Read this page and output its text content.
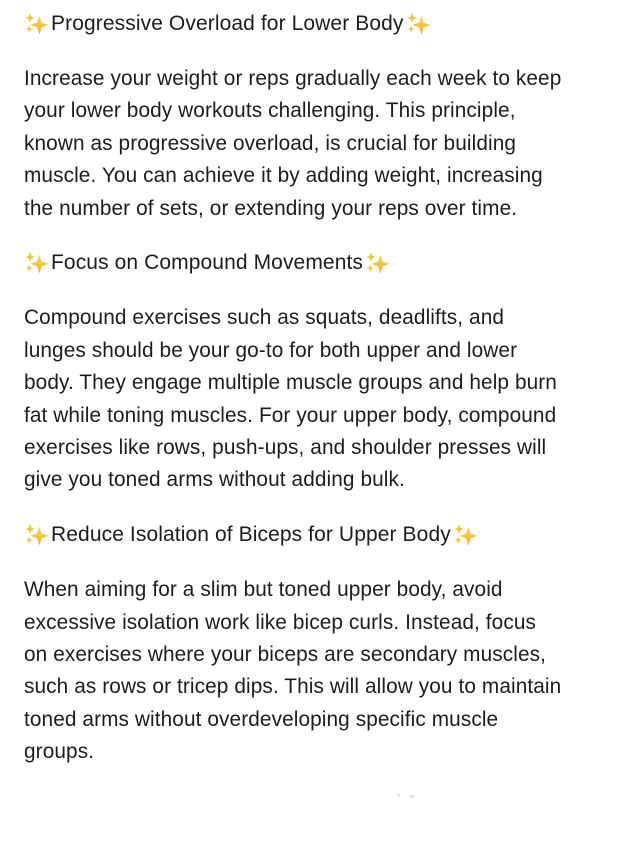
Progressive Overload for Lower Body
Increase your weight or reps gradually each week to keep
your lower body workouts challenging. This principle,
known as progressive overload, is crucial for building
muscle. You can achieve it by adding weight, increasing
the number of sets, or extending your reps over time.
Focus on Compound Movements
Compound exercises such as squats, deadlifts, and
lunges should be your go-to for both upper and lower
body. They engage multiple muscle groups and help burn
fat while toning muscles. For your upper body, compound
exercises like rows, push-ups, and shoulder presses will
give you toned arms without adding bulk.
Reduce Isolation of Biceps for Upper Body
When aiming for a slim but toned upper body, avoid
excessive isolation work like bicep curls. Instead, focus
on exercises where your biceps are secondary muscles,
such as rows or tricep dips. This will allow you to maintain
toned arms without overdeveloping specific muscle
groups.
